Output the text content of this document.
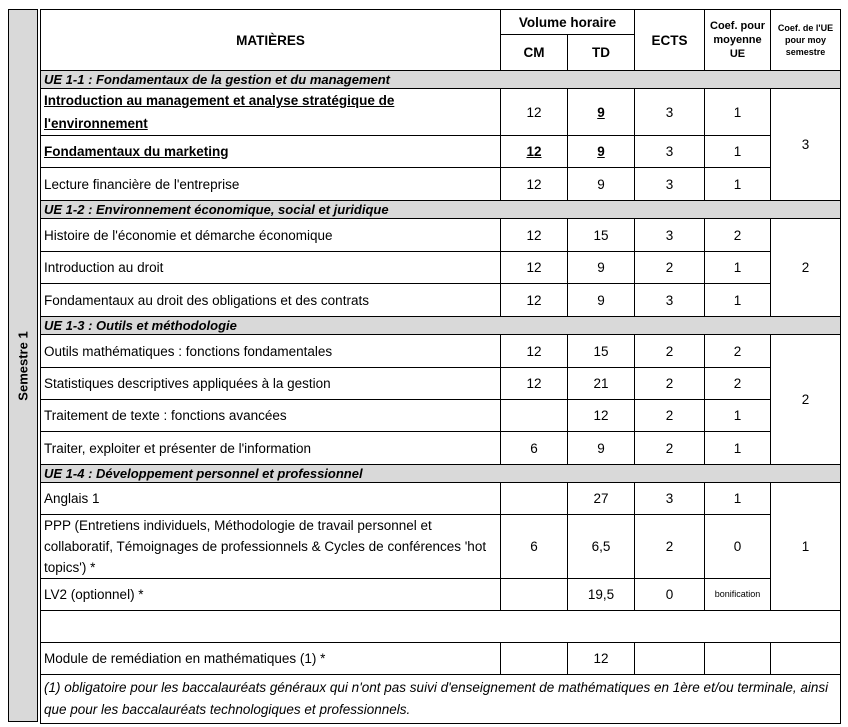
Semestre 1
MATIÈRES	Volume horaire		ECTS	Coef. pour moyenne UE	Coef. de l'UE pour moy semestre
	CM	TD			
UE 1-1 : Fondamentaux de la gestion et du management					
Introduction au management et analyse stratégique de l'environnement	12	9	3	1	3
Fondamentaux du marketing	12	9	3	1	
Lecture financière de l'entreprise	12	9	3	1	
UE 1-2 : Environnement économique, social et juridique					
Histoire de l'économie et démarche économique	12	15	3	2	2
Introduction au droit	12	9	2	1	
Fondamentaux au droit des obligations et des contrats	12	9	3	1	
UE 1-3 : Outils et méthodologie					
Outils mathématiques : fonctions fondamentales	12	15	2	2	2
Statistiques descriptives appliquées à la gestion	12	21	2	2	
Traitement de texte : fonctions avancées		12	2	1	
Traiter, exploiter et présenter de l'information	6	9	2	1	
UE 1-4 : Développement personnel et professionnel					
Anglais 1		27	3	1	1
PPP (Entretiens individuels, Méthodologie de travail personnel et collaboratif, Témoignages de professionnels & Cycles de conférences 'hot topics') *	6	6,5	2	0	
LV2 (optionnel) *		19,5	0	bonification	

Module de remédiation en mathématiques (1) *		12			
(1) obligatoire pour les baccalauréats généraux qui n'ont pas suivi d'enseignement de mathématiques en 1ère et/ou terminale, ainsi que pour les baccalauréats technologiques et professionnels.					
